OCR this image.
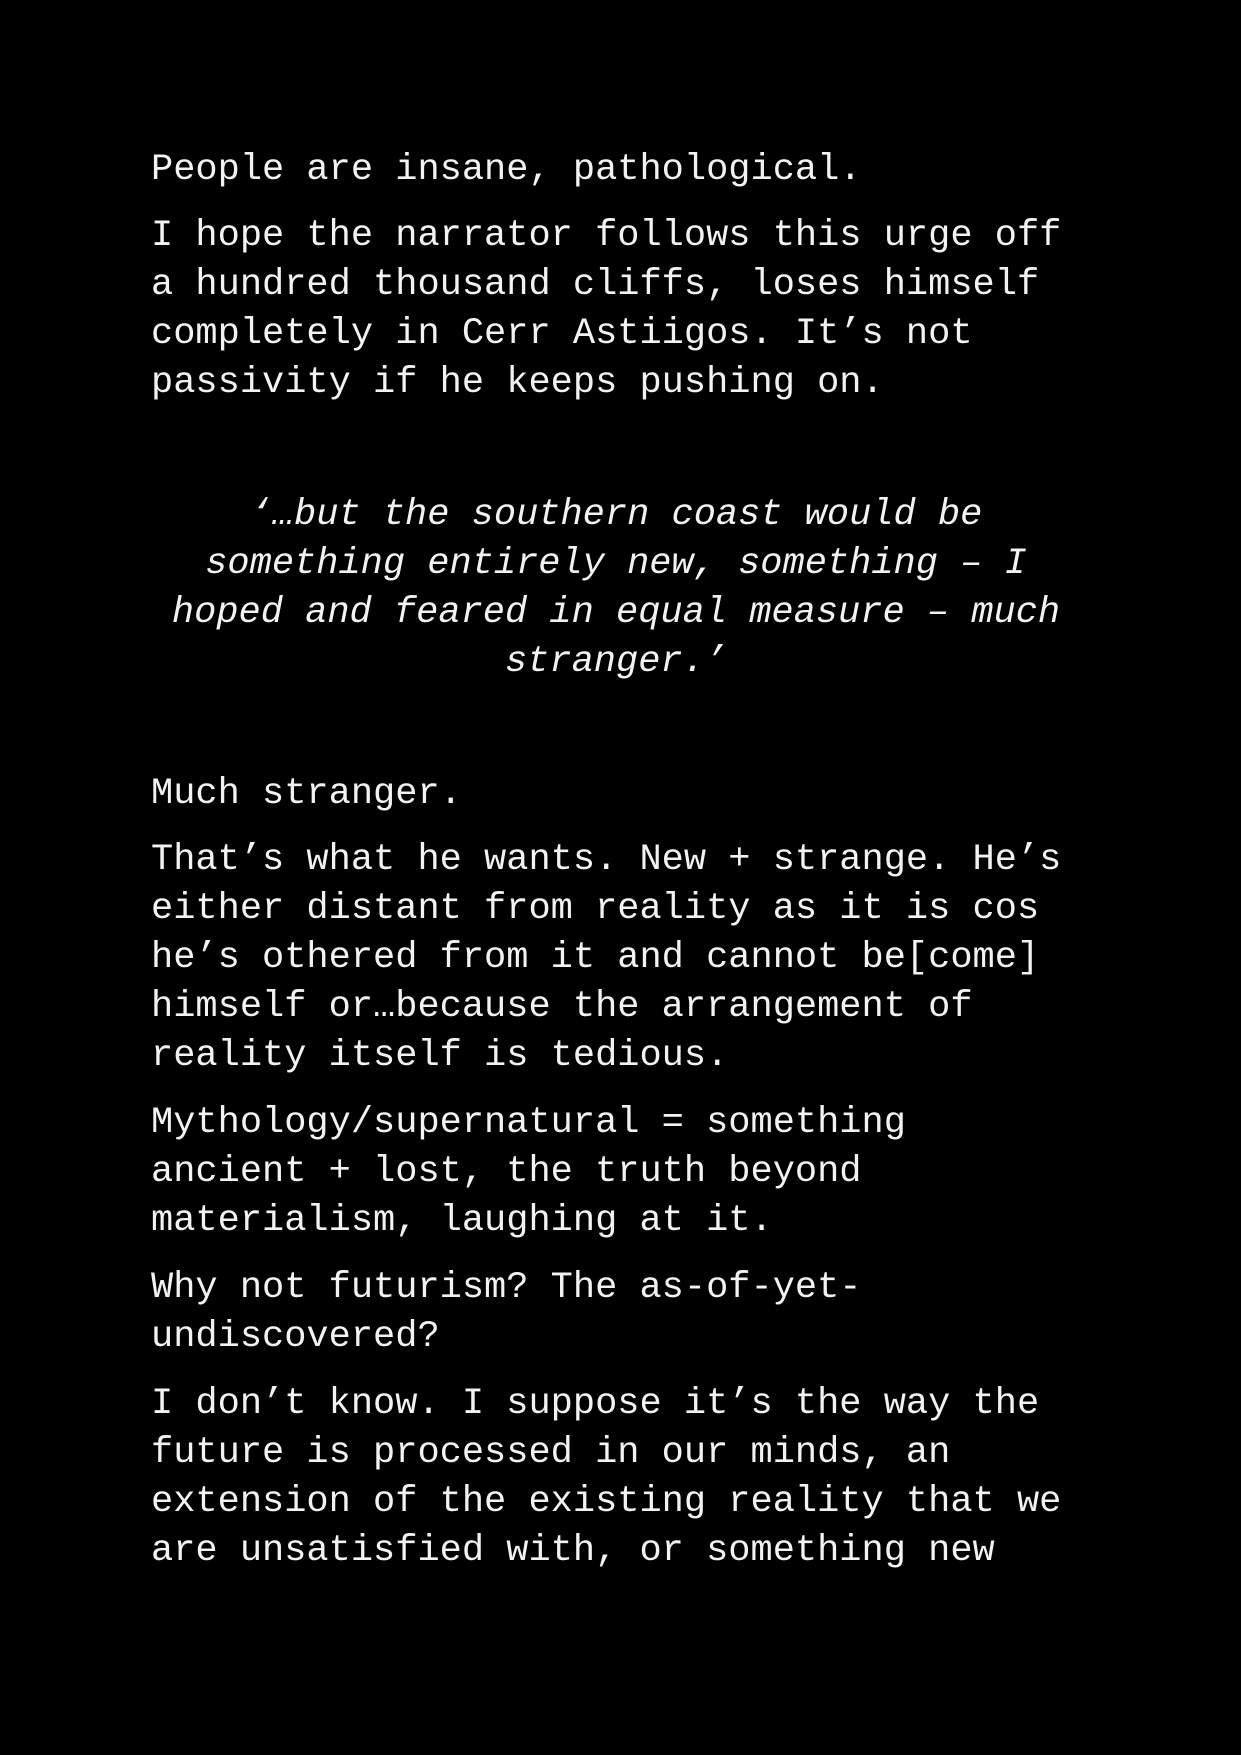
People are insane, pathological.

I hope the narrator follows this urge off
a hundred thousand cliffs, loses himself
completely in Cerr Astiigos. It’s not
passivity if he keeps pushing on.

‘…but the southern coast would be
something entirely new, something – I
hoped and feared in equal measure – much
stranger.’

Much stranger.

That’s what he wants. New + strange. He’s
either distant from reality as it is cos
he’s othered from it and cannot be[come]
himself or…because the arrangement of
reality itself is tedious.

Mythology/supernatural = something
ancient + lost, the truth beyond
materialism, laughing at it.

Why not futurism? The as-of-yet-
undiscovered?

I don’t know. I suppose it’s the way the
future is processed in our minds, an
extension of the existing reality that we
are unsatisfied with, or something new
